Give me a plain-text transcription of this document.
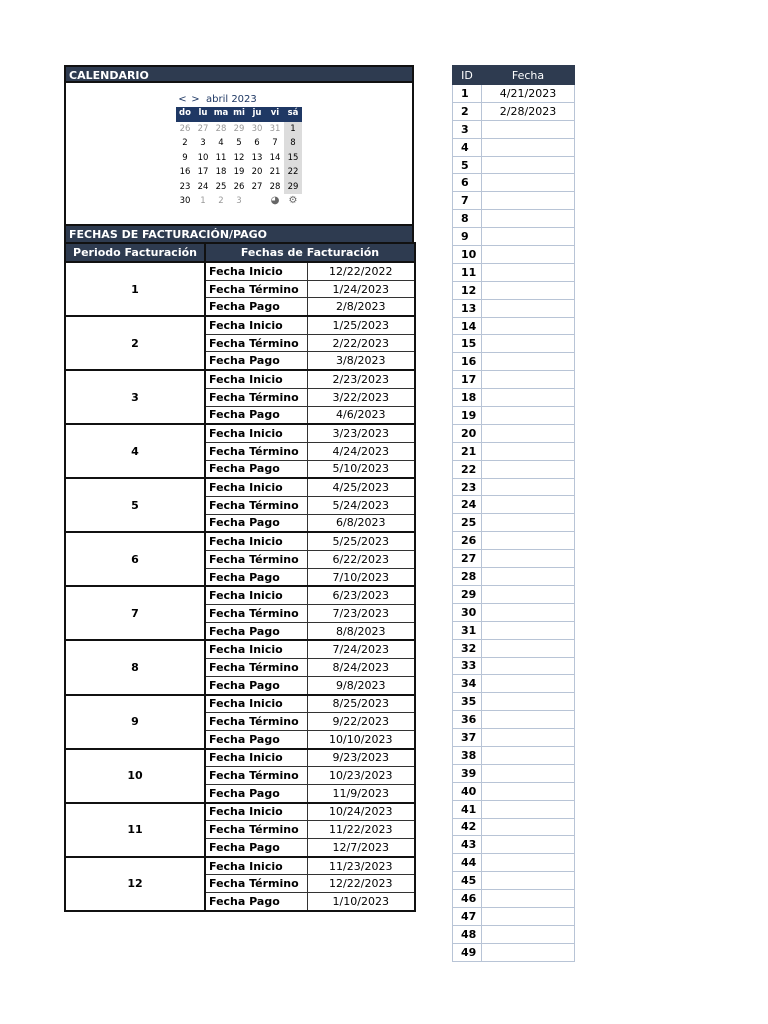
CALENDARIO
< > abril 2023
do lu ma mi ju	vi sá
26 27 28 29 30 31	1
2	3	4	5	6	7	8
9	10 11 12 13 14 15
16 17 18 19 20 21 22
23 24 25 26 27 28 29
30	1	2	3	◕ ⚙
FECHAS DE FACTURACIÓN/PAGO
Periodo Facturación	Fechas de Facturación	
1	Fecha Inicio	12/22/2022
	Fecha Término	1/24/2023
	Fecha Pago	2/8/2023
2	Fecha Inicio	1/25/2023
	Fecha Término	2/22/2023
	Fecha Pago	3/8/2023
3	Fecha Inicio	2/23/2023
	Fecha Término	3/22/2023
	Fecha Pago	4/6/2023
4	Fecha Inicio	3/23/2023
	Fecha Término	4/24/2023
	Fecha Pago	5/10/2023
5	Fecha Inicio	4/25/2023
	Fecha Término	5/24/2023
	Fecha Pago	6/8/2023
6	Fecha Inicio	5/25/2023
	Fecha Término	6/22/2023
	Fecha Pago	7/10/2023
7	Fecha Inicio	6/23/2023
	Fecha Término	7/23/2023
	Fecha Pago	8/8/2023
8	Fecha Inicio	7/24/2023
	Fecha Término	8/24/2023
	Fecha Pago	9/8/2023
9	Fecha Inicio	8/25/2023
	Fecha Término	9/22/2023
	Fecha Pago	10/10/2023
10	Fecha Inicio	9/23/2023
	Fecha Término	10/23/2023
	Fecha Pago	11/9/2023
11	Fecha Inicio	10/24/2023
	Fecha Término	11/22/2023
	Fecha Pago	12/7/2023
12	Fecha Inicio	11/23/2023
	Fecha Término	12/22/2023
	Fecha Pago	1/10/2023
ID	Fecha
1	4/21/2023
2	2/28/2023
3	
4	
5	
6	
7	
8	
9	
10	
11	
12	
13	
14	
15	
16	
17	
18	
19	
20	
21	
22	
23	
24	
25	
26	
27	
28	
29	
30	
31	
32	
33	
34	
35	
36	
37	
38	
39	
40	
41	
42	
43	
44	
45	
46	
47	
48	
49	
